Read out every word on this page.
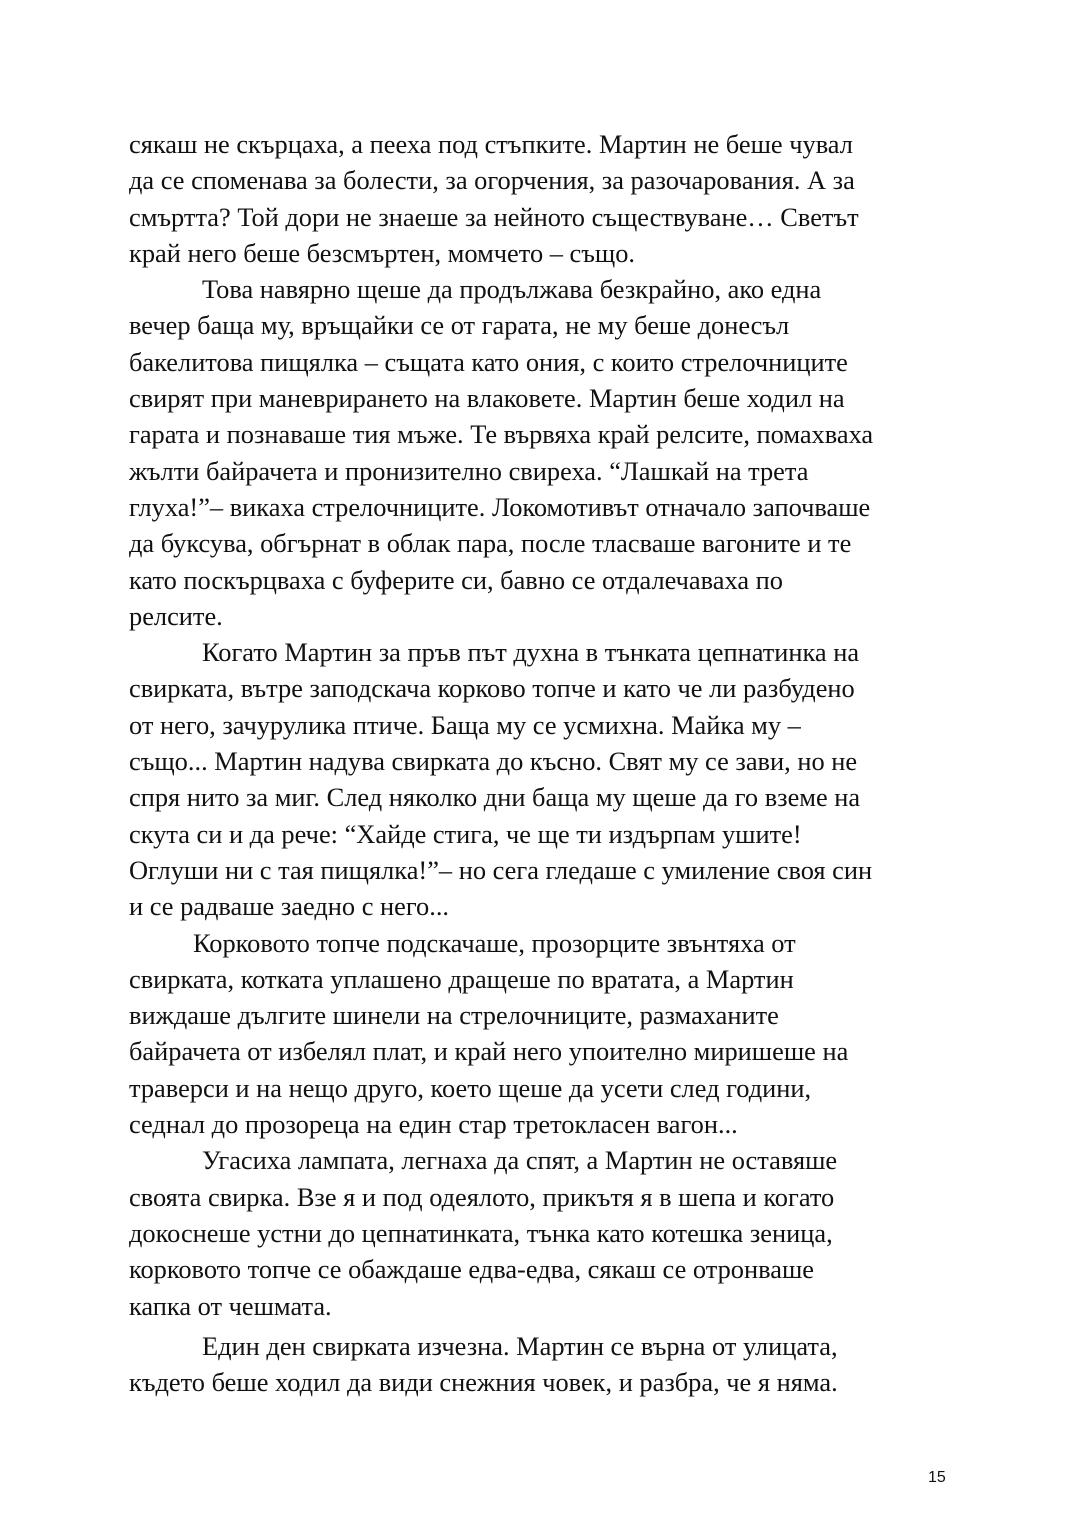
сякаш не скърцаха, а пееха под стъпките. Мартин не беше чувал
да се споменава за болести, за огорчения, за разочарования. А за
смъртта? Той дори не знаеше за нейното съществуване… Светът
край него беше безсмъртен, момчето – също.
Това навярно щеше да продължава безкрайно, ако една
вечер баща му, връщайки се от гарата, не му беше донесъл
бакелитова пищялка – същата като ония, с които стрелочниците
свирят при маневрирането на влаковете. Мартин беше ходил на
гарата и познаваше тия мъже. Те вървяха край релсите, помахваха
жълти байрачета и пронизително свиреха. “Лашкай на трета
глуха!”– викаха стрелочниците. Локомотивът отначало започваше
да буксува, обгърнат в облак пара, после тласваше вагоните и те
като поскърцваха с буферите си, бавно се отдалечаваха по
релсите.
Когато Мартин за пръв път духна в тънката цепнатинка на
свирката, вътре заподскача корково топче и като че ли разбудено
от него, зачурулика птиче. Баща му се усмихна. Майка му –
също... Мартин надува свирката до късно. Свят му се зави, но не
спря нито за миг. След няколко дни баща му щеше да го вземе на
скута си и да рече: “Хайде стига, че ще ти издърпам ушите!
Оглуши ни с тая пищялка!”– но сега гледаше с умиление своя син
и се радваше заедно с него...
Корковото топче подскачаше, прозорците звънтяха от
свирката, котката уплашено дращеше по вратата, а Мартин
виждаше дългите шинели на стрелочниците, размаханите
байрачета от избелял плат, и край него упоително миришеше на
траверси и на нещо друго, което щеше да усети след години,
седнал до прозореца на един стар третокласен вагон...
Угасиха лампата, легнаха да спят, а Мартин не оставяше
своята свирка. Взе я и под одеялото, прикътя я в шепа и когато
докоснеше устни до цепнатинката, тънка като котешка зеница,
корковото топче се обаждаше едва-едва, сякаш се отронваше
капка от чешмата.
Един ден свирката изчезна. Мартин се върна от улицата,
където беше ходил да види снежния човек, и разбра, че я няма.
15
